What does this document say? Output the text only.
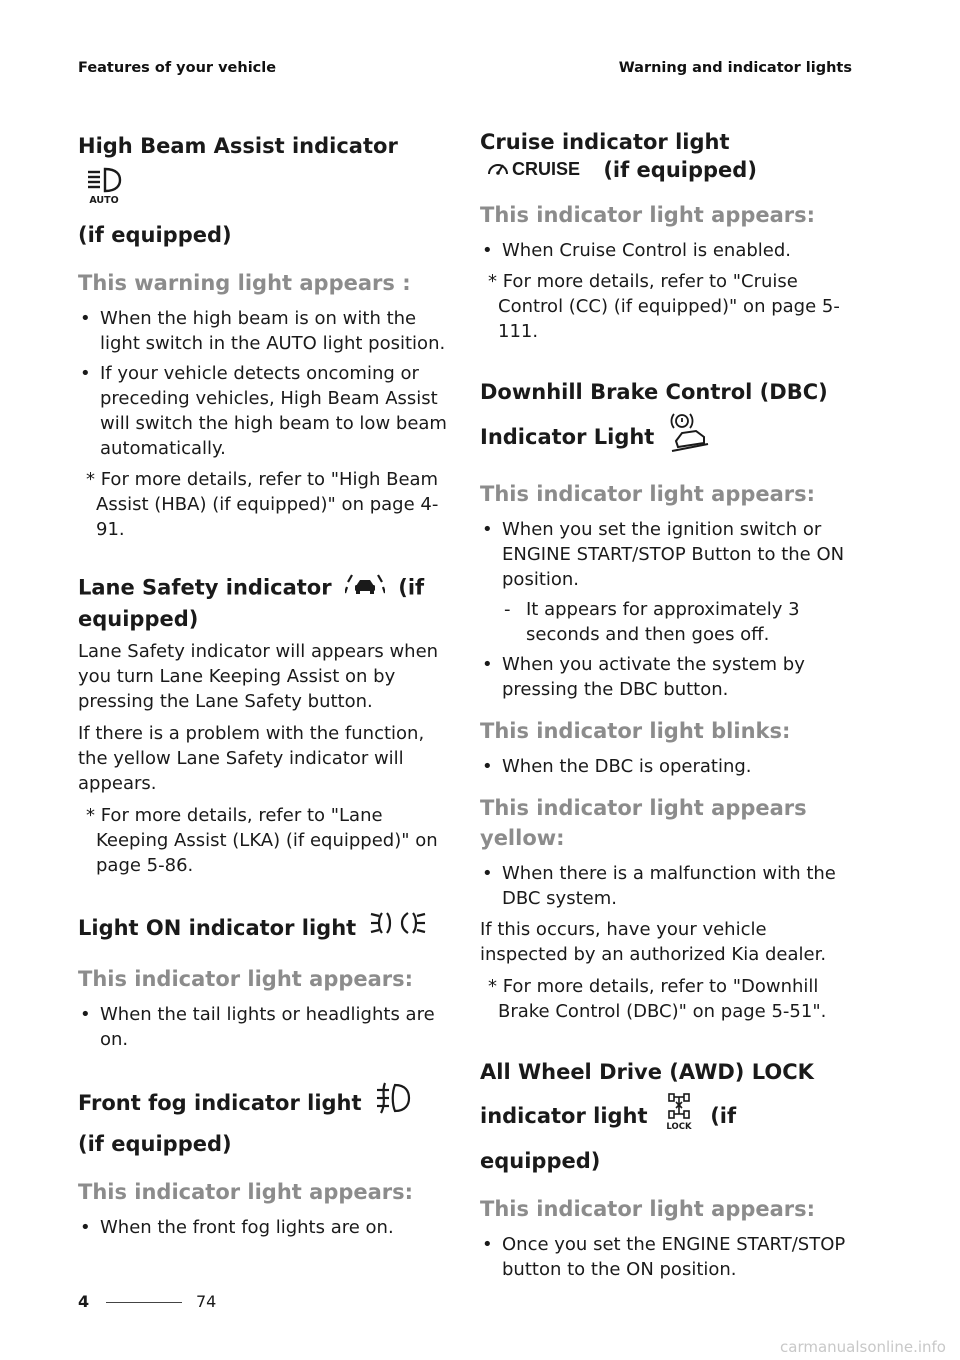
Features of your vehicle	Warning and indicator lights
High Beam Assist indicator
AUTO

(if equipped)
This warning light appears :
• When the high beam is on with the light switch in the AUTO light position.
• If your vehicle detects oncoming or preceding vehicles, High Beam Assist will switch the high beam to low beam automatically.

* For more details, refer to "High Beam Assist (HBA) (if equipped)" on page 4-91.

Lane Safety indicator	(if equipped)

Lane Safety indicator will appears when you turn Lane Keeping Assist on by pressing the Lane Safety button.

If there is a problem with the function, the yellow Lane Safety indicator will appears.

* For more details, refer to "Lane Keeping Assist (LKA) (if equipped)" on page 5-86.

Light ON indicator light
This indicator light appears:
• When the tail lights or headlights are on.
Front fog indicator light  (if equipped)
This indicator light appears:
• When the front fog lights are on.
Cruise indicator light
CRUISE (if equipped)
This indicator light appears:
• When Cruise Control is enabled.

* For more details, refer to "Cruise Control (CC) (if equipped)" on page 5-111.

Downhill Brake Control (DBC)
Indicator Light
This indicator light appears:
• When you set the ignition switch or ENGINE START/STOP Button to the ON position.
- It appears for approximately 3 seconds and then goes off.
• When you activate the system by pressing the DBC button.
This indicator light blinks:
• When the DBC is operating.
This indicator light appears yellow:
• When there is a malfunction with the DBC system.

If this occurs, have your vehicle inspected by an authorized Kia dealer.

* For more details, refer to "Downhill Brake Control (DBC)" on page 5-51".

All Wheel Drive (AWD) LOCK
indicator light LOCK (if equipped)
This indicator light appears:
• Once you set the ENGINE START/STOP button to the ON position.
4	74
carmanualsonline.info
